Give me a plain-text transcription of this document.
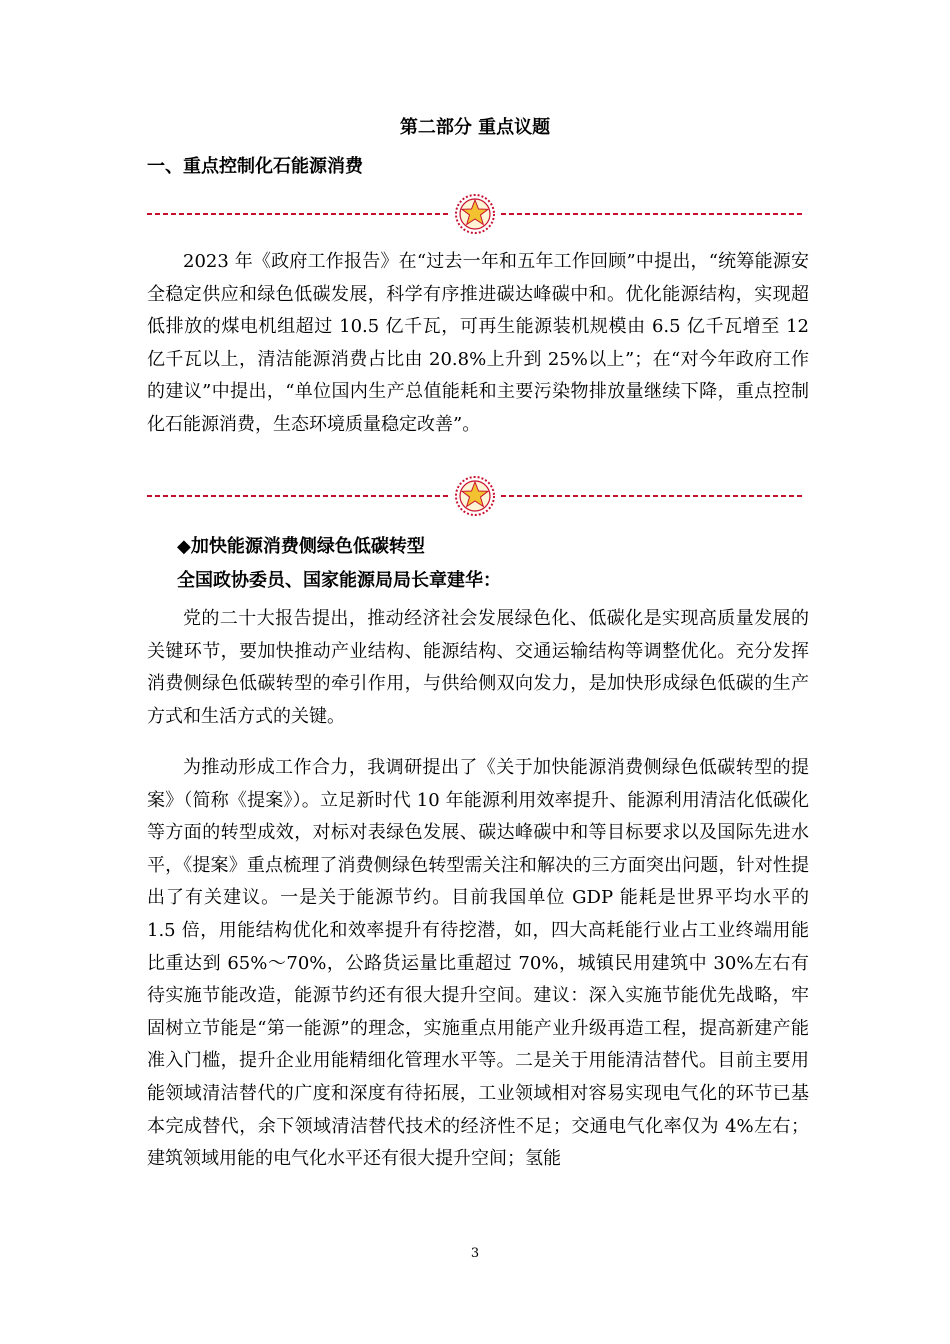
第二部分 重点议题
一、重点控制化石能源消费

2023 年《政府工作报告》在“过去一年和五年工作回顾”中提出，“统筹能源安全稳定供应和绿色低碳发展，科学有序推进碳达峰碳中和。优化能源结构，实现超低排放的煤电机组超过 10.5 亿千瓦，可再生能源装机规模由 6.5 亿千瓦增至 12 亿千瓦以上，清洁能源消费占比由 20.8%上升到 25%以上”；在“对今年政府工作的建议”中提出，“单位国内生产总值能耗和主要污染物排放量继续下降，重点控制化石能源消费，生态环境质量稳定改善”。

◆加快能源消费侧绿色低碳转型
全国政协委员、国家能源局局长章建华：

党的二十大报告提出，推动经济社会发展绿色化、低碳化是实现高质量发展的关键环节，要加快推动产业结构、能源结构、交通运输结构等调整优化。充分发挥消费侧绿色低碳转型的牵引作用，与供给侧双向发力，是加快形成绿色低碳的生产方式和生活方式的关键。

为推动形成工作合力，我调研提出了《关于加快能源消费侧绿色低碳转型的提案》（简称《提案》）。立足新时代 10 年能源利用效率提升、能源利用清洁化低碳化等方面的转型成效，对标对表绿色发展、碳达峰碳中和等目标要求以及国际先进水平，《提案》重点梳理了消费侧绿色转型需关注和解决的三方面突出问题，针对性提出了有关建议。一是关于能源节约。目前我国单位 GDP 能耗是世界平均水平的 1.5 倍，用能结构优化和效率提升有待挖潜，如，四大高耗能行业占工业终端用能比重达到 65%～70%，公路货运量比重超过 70%，城镇民用建筑中 30%左右有待实施节能改造，能源节约还有很大提升空间。建议：深入实施节能优先战略，牢固树立节能是“第一能源”的理念，实施重点用能产业升级再造工程，提高新建产能准入门槛，提升企业用能精细化管理水平等。二是关于用能清洁替代。目前主要用能领域清洁替代的广度和深度有待拓展，工业领域相对容易实现电气化的环节已基本完成替代，余下领域清洁替代技术的经济性不足；交通电气化率仅为 4%左右；建筑领域用能的电气化水平还有很大提升空间；氢能

3
